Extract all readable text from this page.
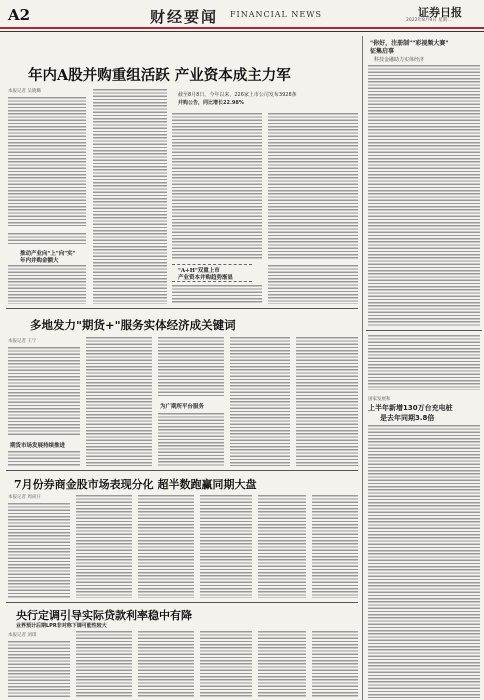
A2	财经要闻 FINANCIAL NEWS	证券日报
2022年8月9日 星期二
年内A股并购重组活跃 产业资本成主力军
本报记者 吴晓璐
推动产业向"上"向"实"
年内并购金额大
截至8月8日，今年以来，226家上市公司发布3928条
并购公告，同比增长22.98%
"A+H"双重上市
产业资本并购趋势渐显
多地发力"期货+"服务实体经济成关键词
本报记者 王宁
期货市场发展持续推进
为广期所平台服务
7月份券商金股市场表现分化 超半数跑赢同期大盘
本报记者 周尚仔
央行定调引导实际贷款利率稳中有降
业界预计后期LPR非对称下调可能性较大
本报记者 刘琪
"你好，注册制""彩视频大赛"
征集启事
科技金融助力实体经济
国家发展和
上半年新增130万台充电桩
是去年同期3.8倍
